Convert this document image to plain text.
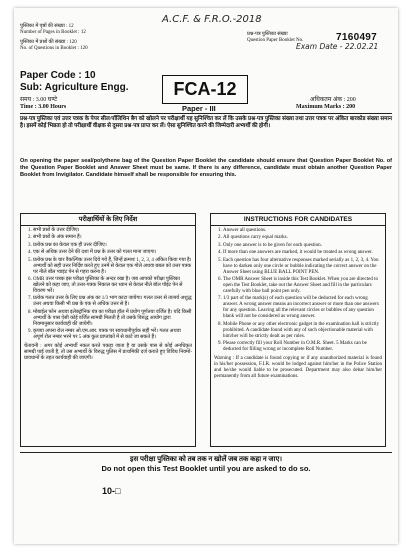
A.C.F. & F.R.O.-2018
Exam Date - 22.02.21
पुस्तिका में पृष्ठों की संख्या : 12
Number of Pages in Booklet : 12
पुस्तिका में प्रश्नों की संख्या : 120
No. of Questions in Booklet : 120
प्रश्न-पत्र पुस्तिका संख्या
Question Paper Booklet No.	7160497
Paper Code : 10
Sub: Agriculture Engg.	FCA-12
समय : 3.00 घण्टे
Time : 3.00 Hours	Paper - III
अधिकतम अंक : 200
Maximum Marks : 200
प्रश्न-पत्र पुस्तिका एवं उत्तर पत्रक के पेपर सील/पॉलिथिन बैग को खोलने पर परीक्षार्थी यह सुनिश्चित कर लें कि उसके प्रश्न-पत्र पुस्तिका संख्या तथा उत्तर पत्रक पर अंकित बारकोड संख्या समान है। इसमें कोई भिन्नता हो तो परीक्षार्थी वीक्षक से दूसरा प्रश्न-पत्र प्राप्त कर लें। ऐसा सुनिश्चित करने की जिम्मेदारी अभ्यर्थी की होगी।
On opening the paper seal/polythene bag of the Question Paper Booklet the candidate should ensure that Question Paper Booklet No. of the Question Paper Booklet and Answer Sheet must be same. If there is any difference, candidate must obtain another Question Paper Booklet from Invigilator. Candidate himself shall be responsible for ensuring this.
परीक्षार्थियों के लिए निर्देश
1. सभी प्रश्नों के उत्तर दीजिए।
2. सभी प्रश्नों के अंक समान हैं।
3. प्रत्येक प्रश्न का केवल एक ही उत्तर दीजिए।
4. एक से अधिक उत्तर देने की दशा में प्रश्न के उत्तर को गलत माना जाएगा।
5. प्रत्येक प्रश्न के चार वैकल्पिक उत्तर दिये गये हैं, जिन्हें क्रमशः 1, 2, 3, 4 अंकित किया गया है। अभ्यर्थी को सही उत्तर निर्दिष्ट करते हुए उनमें से केवल एक गोले अथवा बबल को उत्तर पत्रक पर नीले बॉल प्वाइंट पेन से गहरा करना है।
6. OMR उत्तर पत्रक इस परीक्षा पुस्तिका के अन्दर रखा है। जब आपको परीक्षा पुस्तिका खोलने को कहा जाए, तो उत्तर-पत्रक निकाल कर ध्यान से केवल नीले बॉल पॉइंट पेन से विवरण भरें।
7. प्रत्येक गलत उत्तर के लिए प्रश्न अंक का 1/3 भाग काटा जायेगा। गलत उत्तर से तात्पर्य अशुद्ध उत्तर अथवा किसी भी प्रश्न के एक से अधिक उत्तर से है।
8. मोबाईल फोन अथवा इलेक्ट्रॉनिक यंत्र का परीक्षा हॉल में प्रयोग पूर्णतया वर्जित है। यदि किसी अभ्यर्थी के पास ऐसी कोई वर्जित सामग्री मिलती है तो उसके विरुद्ध आयोग द्वारा नियमानुसार कार्यवाही की जायेगी।
9. कृपया अपना रोल नम्बर ओ.एम.आर. पत्रक पर सावधानीपूर्वक सही भरें। गलत अथवा अपूर्ण रोल नम्बर भरने पर 5 अंक कुल प्राप्तांकों में से काटे जा सकते हैं।
चेतावनी : अगर कोई अभ्यर्थी नकल करते पकड़ा जाता है या उसके पास से कोई अनधिकृत सामग्री पाई जाती है, तो उस अभ्यर्थी के विरुद्ध पुलिस में प्राथमिकी दर्ज कराते हुए विविध नियमों-प्रावधानों के तहत कार्यवाही की जाएगी।
INSTRUCTIONS FOR CANDIDATES
1. Answer all questions.
2. All questions carry equal marks.
3. Only one answer is to be given for each question.
4. If more than one answers are marked, it would be treated as wrong answer.
5. Each question has four alternative responses marked serially as 1, 2, 3, 4. You have to darken only one circle or bubble indicating the correct answer on the Answer Sheet using BLUE BALL POINT PEN.
6. The OMR Answer Sheet is inside this Test Booklet. When you are directed to open the Test Booklet, take out the Answer Sheet and fill in the particulars carefully with blue ball point pen only.
7. 1/3 part of the mark(s) of each question will be deducted for each wrong answer. A wrong answer means an incorrect answer or more than one answers for any question. Leaving all the relevant circles or bubbles of any question blank will not be considered as wrong answer.
8. Mobile Phone or any other electronic gadget in the examination hall is strictly prohibited. A candidate found with any of such objectionable material with him/her will be strictly dealt as per rules.
9. Please correctly fill your Roll Number in O.M.R. Sheet. 5 Marks can be deducted for filling wrong or incomplete Roll Number.
Warning : If a candidate is found copying or if any unauthorized material is found in his/her possession, F.I.R. would be lodged against him/her in the Police Station and he/she would liable to be prosecuted. Department may also debar him/her permanently from all future examinations.
इस परीक्षा पुस्तिका को तब तक न खोलें जब तक कहा न जाए।
Do not open this Test Booklet until you are asked to do so.
10-□
